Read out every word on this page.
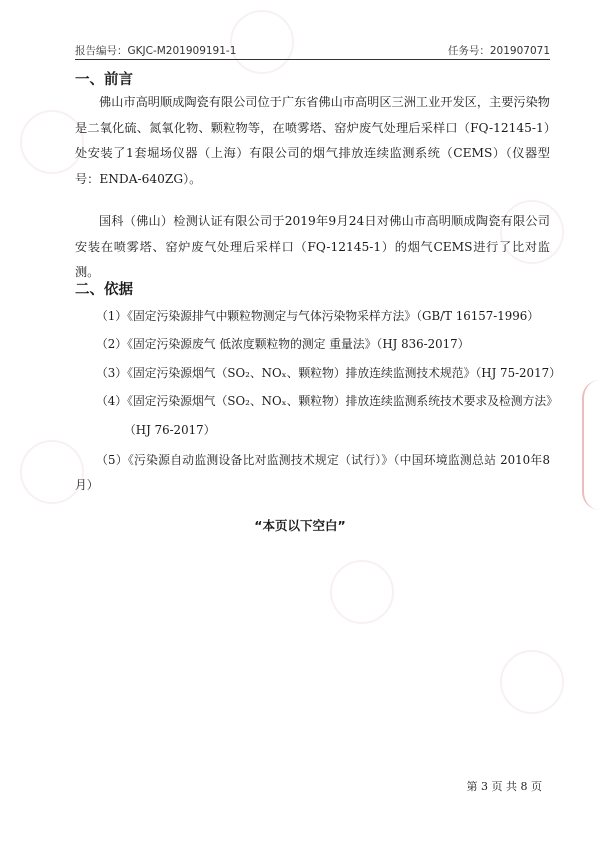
报告编号：GKJC-M201909191-1	任务号：201907071
一、前言

佛山市高明顺成陶瓷有限公司位于广东省佛山市高明区三洲工业开发区，主要污染物是二氧化硫、氮氧化物、颗粒物等，在喷雾塔、窑炉废气处理后采样口（FQ-12145-1）处安装了1套堀场仪器（上海）有限公司的烟气排放连续监测系统（CEMS）（仪器型号：ENDA-640ZG）。

国科（佛山）检测认证有限公司于2019年9月24日对佛山市高明顺成陶瓷有限公司安装在喷雾塔、窑炉废气处理后采样口（FQ-12145-1）的烟气CEMS进行了比对监测。

二、依据
（1）《固定污染源排气中颗粒物测定与气体污染物采样方法》（GB/T 16157-1996）
（2）《固定污染源废气 低浓度颗粒物的测定 重量法》（HJ 836-2017）
（3）《固定污染源烟气（SO₂、NOₓ、颗粒物）排放连续监测技术规范》（HJ 75-2017）
（4）《固定污染源烟气（SO₂、NOₓ、颗粒物）排放连续监测系统技术要求及检测方法》
（HJ 76-2017）

（5）《污染源自动监测设备比对监测技术规定（试行）》（中国环境监测总站 2010年8月）

“本页以下空白”
第 3 页 共 8 页
